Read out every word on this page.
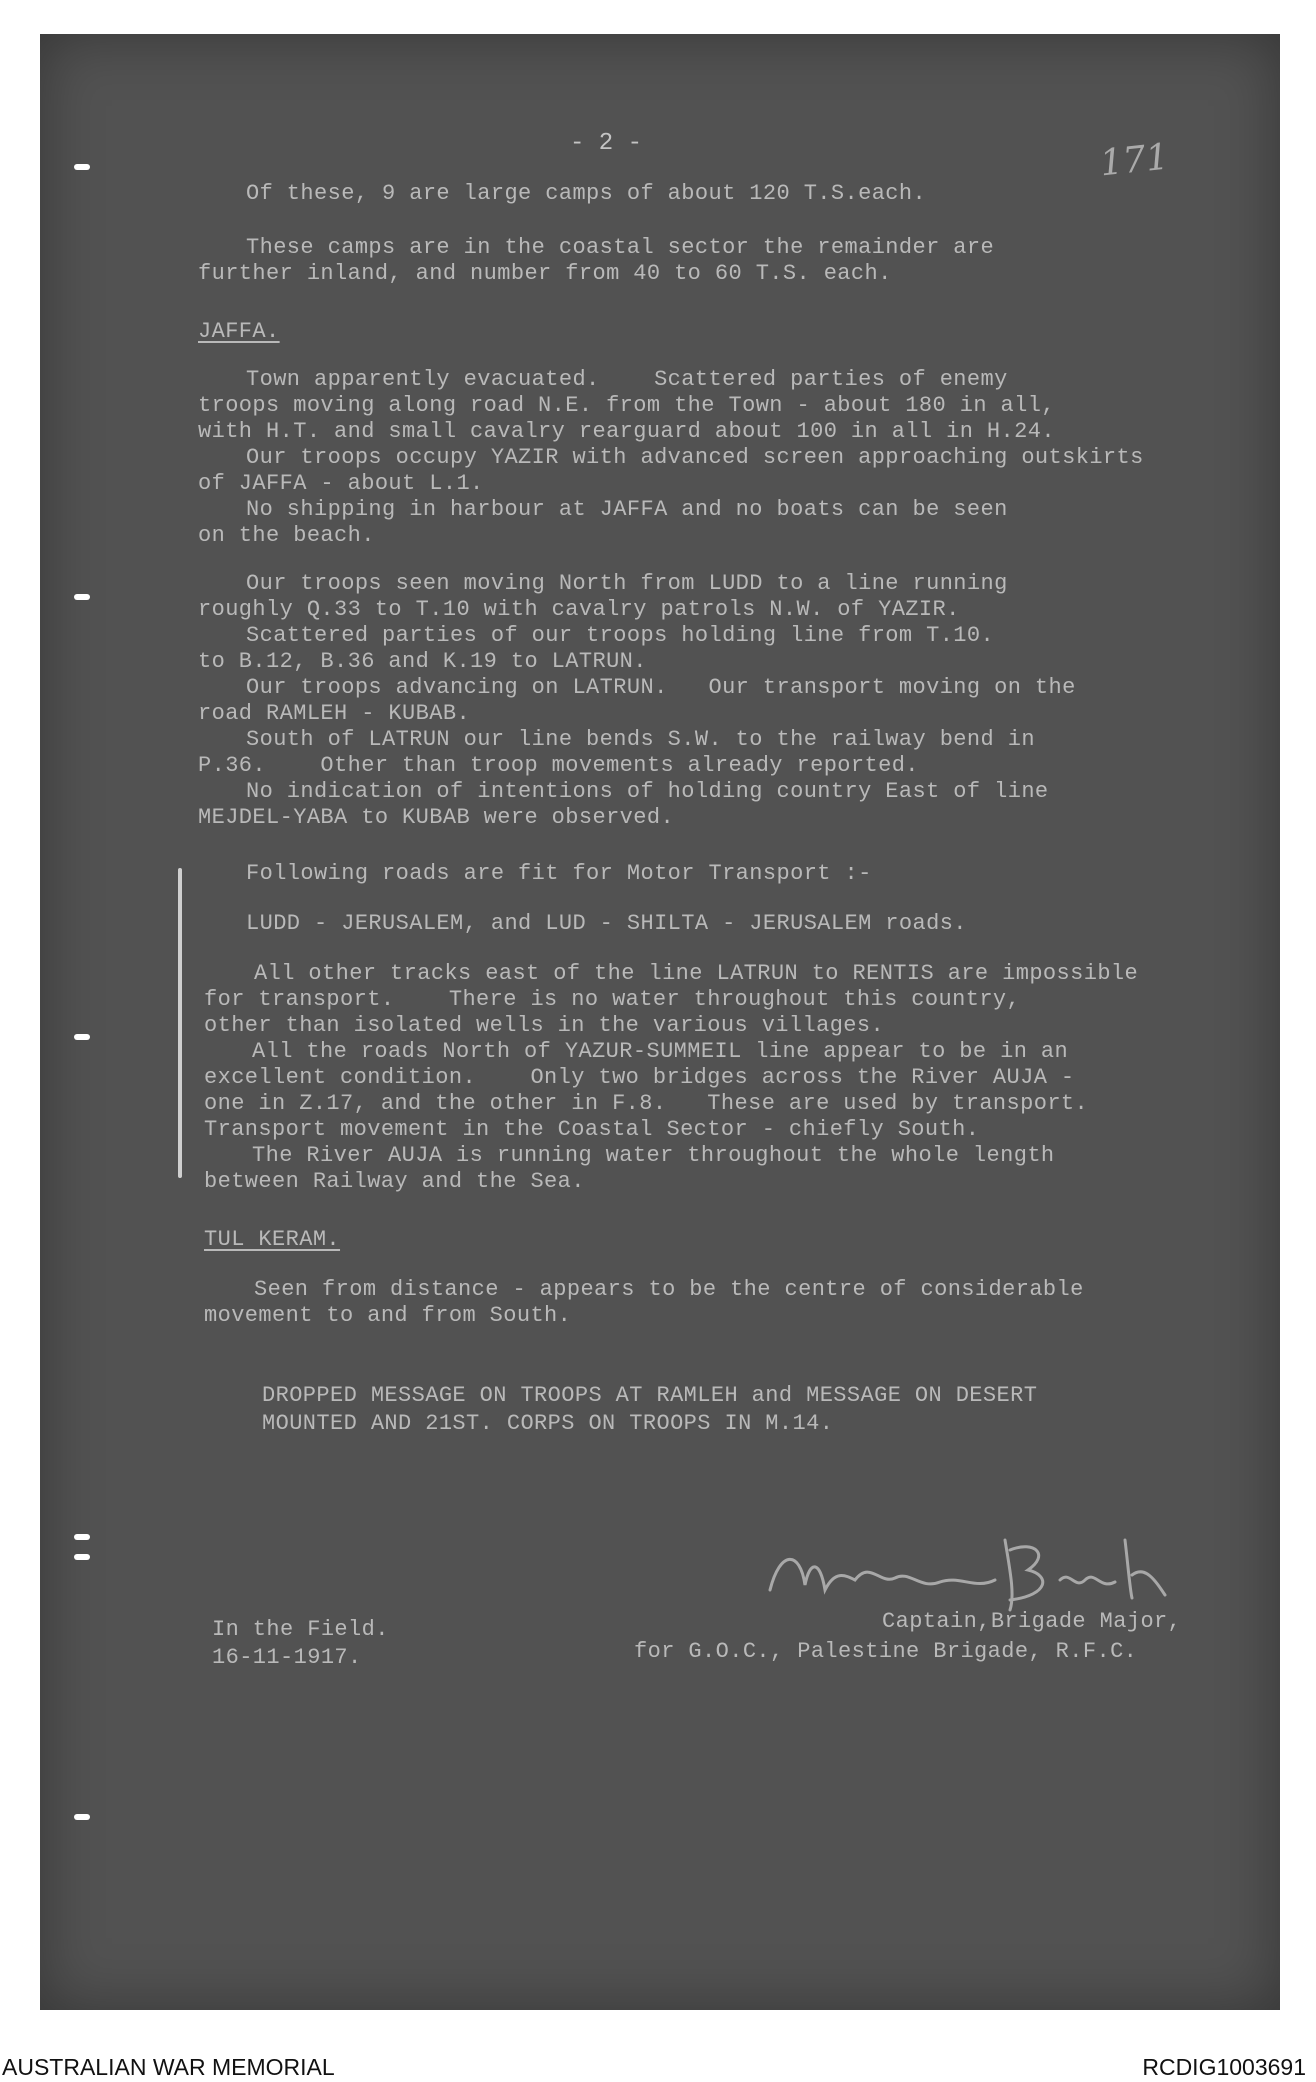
- 2 -	171
Of these, 9 are large camps of about 120 T.S.each.
These camps are in the coastal sector the remainder are
further inland, and number from 40 to 60 T.S. each.
JAFFA.
Town apparently evacuated.    Scattered parties of enemy
troops moving along road N.E. from the Town - about 180 in all,
with H.T. and small cavalry rearguard about 100 in all in H.24.
Our troops occupy YAZIR with advanced screen approaching outskirts
of JAFFA - about L.1.
No shipping in harbour at JAFFA and no boats can be seen
on the beach.
Our troops seen moving North from LUDD to a line running
roughly Q.33 to T.10 with cavalry patrols N.W. of YAZIR.
Scattered parties of our troops holding line from T.10.
to B.12, B.36 and K.19 to LATRUN.
Our troops advancing on LATRUN.   Our transport moving on the
road RAMLEH - KUBAB.
South of LATRUN our line bends S.W. to the railway bend in
P.36.    Other than troop movements already reported.
No indication of intentions of holding country East of line
MEJDEL-YABA to KUBAB were observed.
Following roads are fit for Motor Transport :-
LUDD - JERUSALEM, and LUD - SHILTA - JERUSALEM roads.
All other tracks east of the line LATRUN to RENTIS are impossible
for transport.    There is no water throughout this country,
other than isolated wells in the various villages.
All the roads North of YAZUR-SUMMEIL line appear to be in an
excellent condition.    Only two bridges across the River AUJA -
one in Z.17, and the other in F.8.   These are used by transport.
Transport movement in the Coastal Sector - chiefly South.
The River AUJA is running water throughout the whole length
between Railway and the Sea.
TUL KERAM.
Seen from distance - appears to be the centre of considerable
movement to and from South.
DROPPED MESSAGE ON TROOPS AT RAMLEH and MESSAGE ON DESERT
MOUNTED AND 21ST. CORPS ON TROOPS IN M.14.
In the Field.
16-11-1917.
Captain,Brigade Major,
for G.O.C., Palestine Brigade, R.F.C.
AUSTRALIAN WAR MEMORIAL	RCDIG1003691
